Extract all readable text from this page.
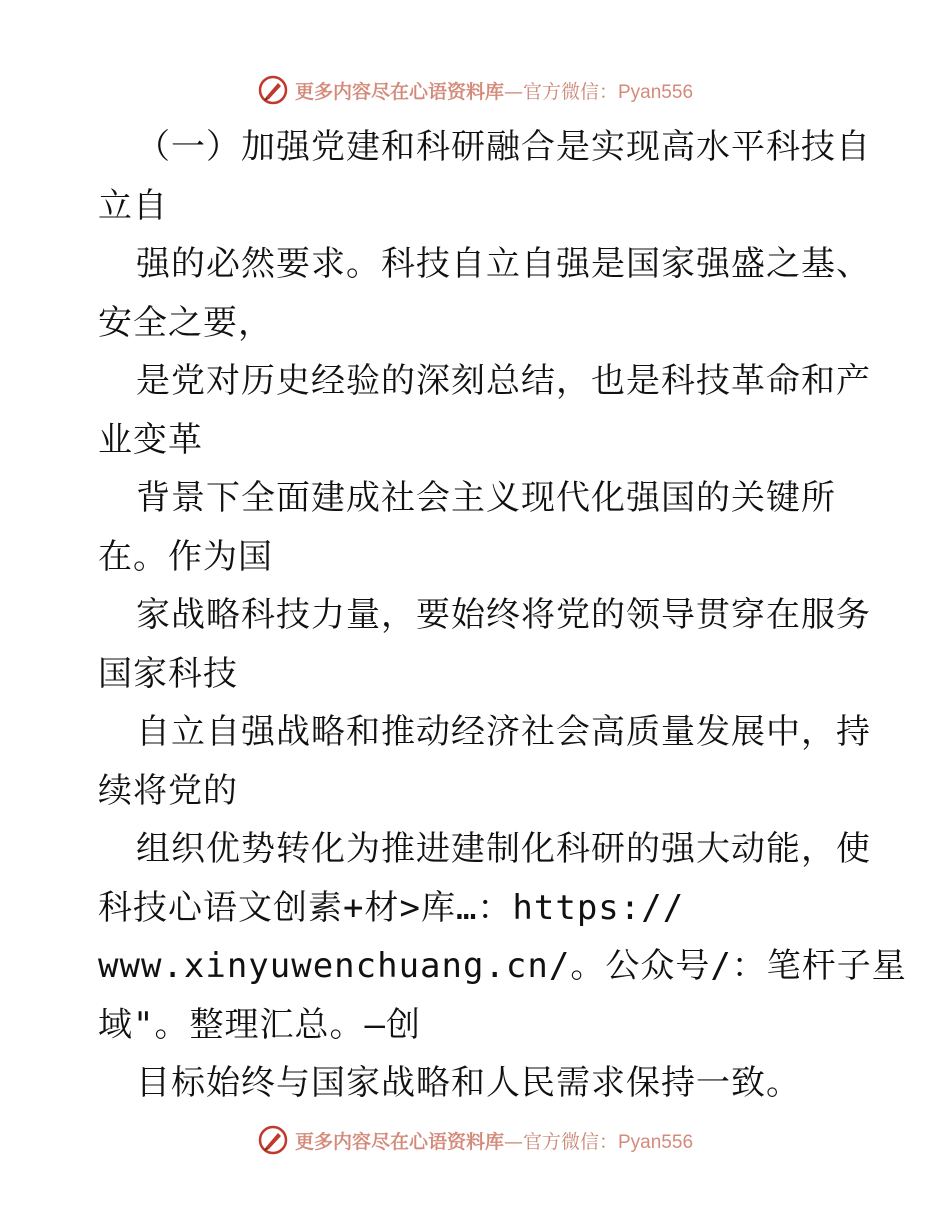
更多内容尽在心语资料库—官方微信：Pyan556
（一）加强党建和科研融合是实现高水平科技自
立自
强的必然要求。科技自立自强是国家强盛之基、
安全之要，
是党对历史经验的深刻总结，也是科技革命和产
业变革
背景下全面建成社会主义现代化强国的关键所
在。作为国
家战略科技力量，要始终将党的领导贯穿在服务
国家科技
自立自强战略和推动经济社会高质量发展中，持
续将党的
组织优势转化为推进建制化科研的强大动能，使
科技心语文创素+材>库…：https://
www.xinyuwenchuang.cn/。公众号/：笔杆子星
域"。整理汇总。—创
目标始终与国家战略和人民需求保持一致。
更多内容尽在心语资料库—官方微信：Pyan556
